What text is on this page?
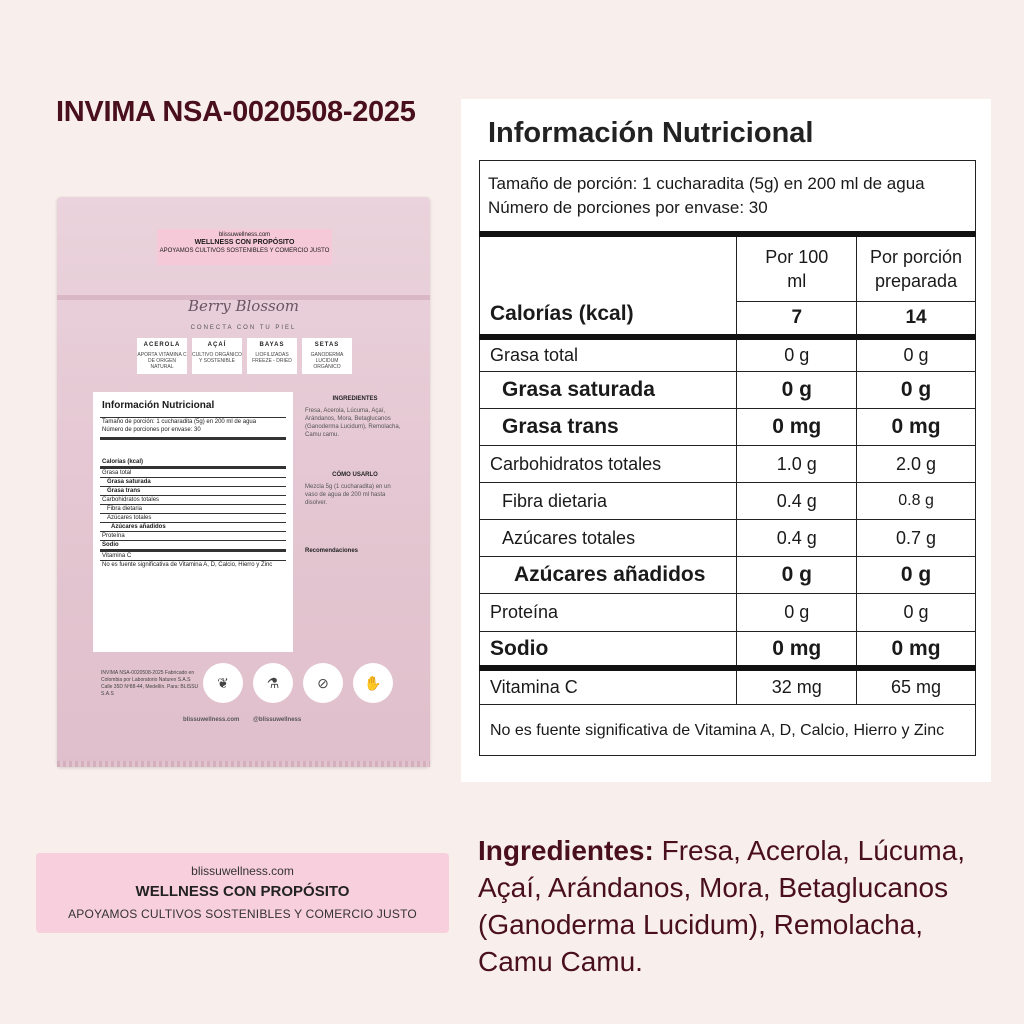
INVIMA NSA-0020508-2025
blissuwellness.com
WELLNESS CON PROPÓSITO
APOYAMOS CULTIVOS SOSTENIBLES Y COMERCIO JUSTO
Berry Blossom
CONECTA CON TU PIEL
ACEROLA
APORTA VITAMINA C DE ORIGEN NATURAL
AÇAÍ
CULTIVO ORGÁNICO Y SOSTENIBLE
BAYAS
LIOFILIZADAS FREEZE - DRIED
SETAS
GANODERMA LUCIDUM ORGÁNICO
Información Nutricional
Tamaño de porción: 1 cucharadita (5g) en 200 ml de agua
Número de porciones por envase: 30
Calorías (kcal)
Grasa total
Grasa saturada
Grasa trans
Carbohidratos totales
Fibra dietaria
Azúcares totales
Azúcares añadidos
Proteína
Sodio
Vitamina C
No es fuente significativa de Vitamina A, D, Calcio, Hierro y Zinc
INGREDIENTES
Fresa, Acerola, Lúcuma, Açaí, Arándanos, Mora, Betaglucanos (Ganoderma Lucidum), Remolacha, Camu camu.
CÓMO USARLO
Mezcla 5g (1 cucharadita) en un vaso de agua de 200 ml hasta disolver.
Recomendaciones
INVIMA NSA-0020508-2025 Fabricado en Colombia por Laboratorio Naturex S.A.S Calle 35D Nº88-44, Medellín. Para: BLISSU S.A.S
❦	⚗	⊘	✋
blissuwellness.com @blissuwellness
blissuwellness.com
WELLNESS CON PROPÓSITO
APOYAMOS CULTIVOS SOSTENIBLES Y COMERCIO JUSTO
Información Nutricional
Tamaño de porción: 1 cucharadita (5g) en 200 ml de agua
Número de porciones por envase: 30		

Calorías (kcal)	Por 100 ml	Por porción preparada
	7	14
Grasa total	0 g	0 g
Grasa saturada	0 g	0 g
Grasa trans	0 mg	0 mg
Carbohidratos totales	1.0 g	2.0 g
Fibra dietaria	0.4 g	0.8 g
Azúcares totales	0.4 g	0.7 g
Azúcares añadidos	0 g	0 g
Proteína	0 g	0 g
Sodio	0 mg	0 mg
Vitamina C	32 mg	65 mg
No es fuente significativa de Vitamina A, D, Calcio, Hierro y Zinc		

Ingredientes: Fresa, Acerola, Lúcuma, Açaí, Arándanos, Mora, Betaglucanos (Ganoderma Lucidum), Remolacha, Camu Camu.
